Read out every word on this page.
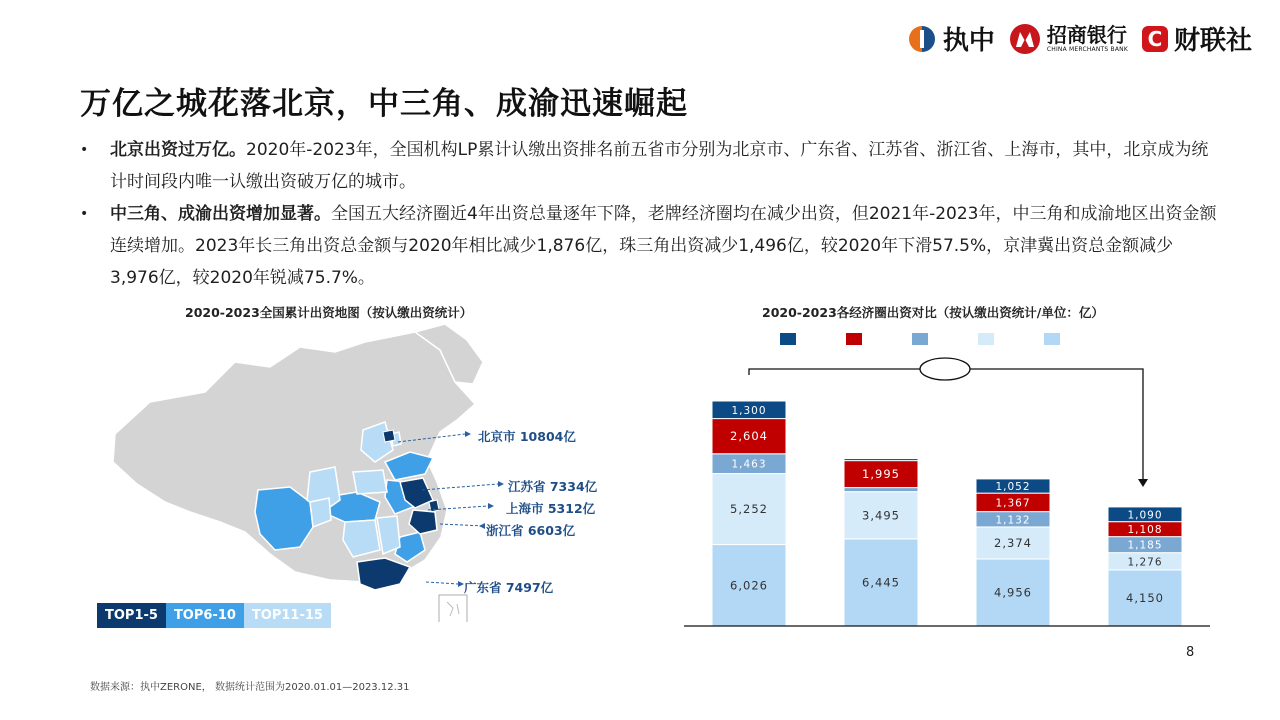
执中	招商银行
CHINA MERCHANTS BANK C 财联社
万亿之城花落北京，中三角、成渝迅速崛起
•	北京出资过万亿。2020年-2023年，全国机构LP累计认缴出资排名前五省市分别为北京市、广东省、江苏省、浙江省、上海市，其中，北京成为统计时间段内唯一认缴出资破万亿的城市。
•	中三角、成渝出资增加显著。全国五大经济圈近4年出资总量逐年下降，老牌经济圈均在减少出资，但2021年-2023年，中三角和成渝地区出资金额连续增加。2023年长三角出资总金额与2020年相比减少1,876亿，珠三角出资减少1,496亿，较2020年下滑57.5%，京津冀出资总金额减少3,976亿，较2020年锐减75.7%。
2020-2023全国累计出资地图（按认缴出资统计）
北京市 10804亿
江苏省 7334亿
上海市 5312亿
浙江省 6603亿
广东省 7497亿
TOP1-5	TOP6-10	TOP11-15
2020-2023各经济圈出资对比（按认缴出资统计/单位：亿）
6,026
5,252
1,463
2,604
1,300
6,445
3,495
1,995
4,956
2,374
1,132
1,367
1,052
4,150
1,276
1,185
1,108
1,090
8
数据来源：执中ZERONE， 数据统计范围为2020.01.01—2023.12.31
